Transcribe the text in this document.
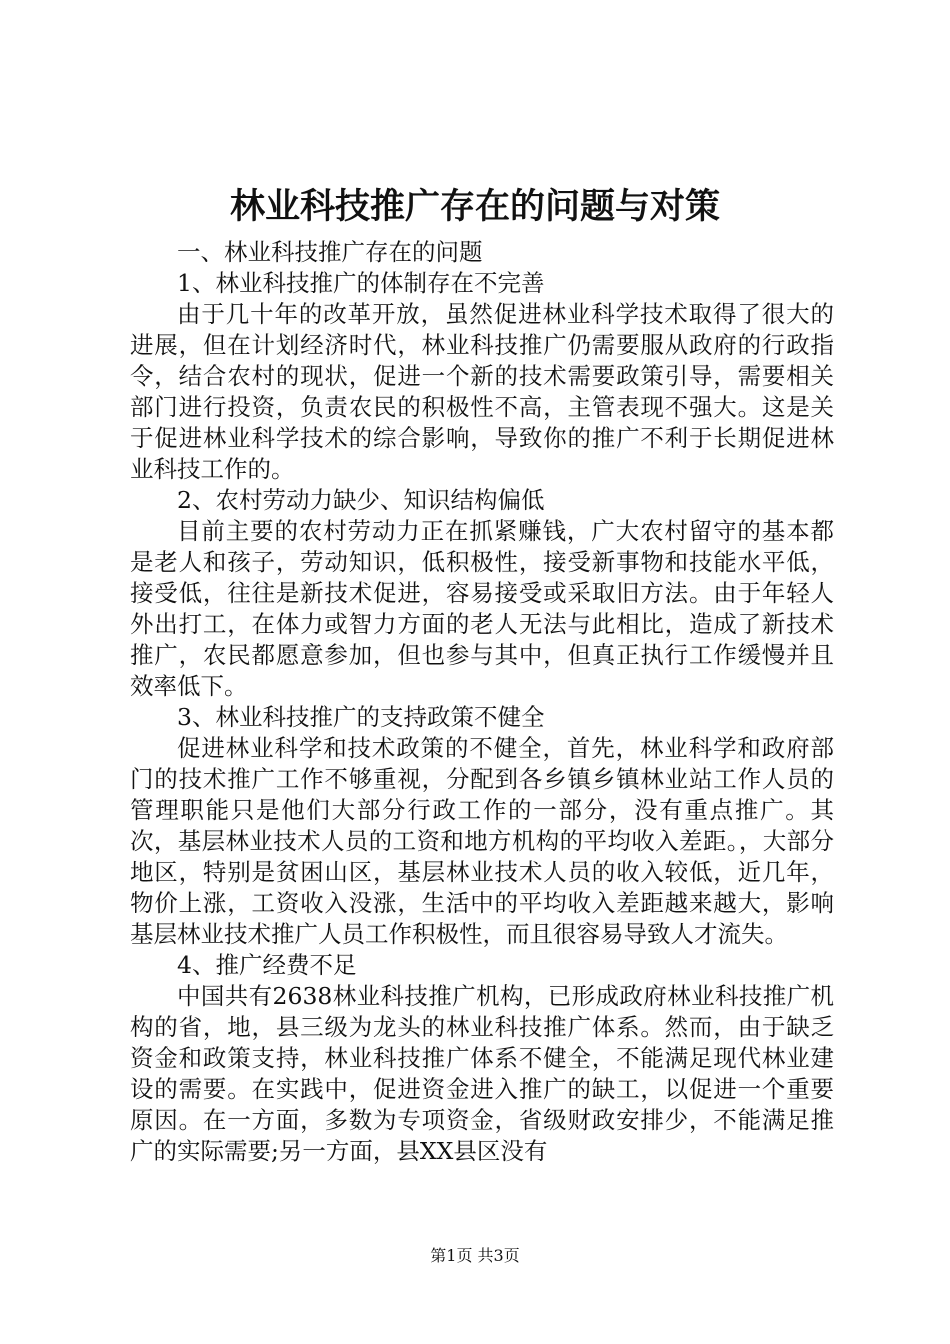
林业科技推广存在的问题与对策

一、林业科技推广存在的问题

1、林业科技推广的体制存在不完善

由于几十年的改革开放，虽然促进林业科学技术取得了很大的进展，但在计划经济时代，林业科技推广仍需要服从政府的行政指令，结合农村的现状，促进一个新的技术需要政策引导，需要相关部门进行投资，负责农民的积极性不高，主管表现不强大。这是关于促进林业科学技术的综合影响，导致你的推广不利于长期促进林业科技工作的。

2、农村劳动力缺少、知识结构偏低

目前主要的农村劳动力正在抓紧赚钱，广大农村留守的基本都是老人和孩子，劳动知识，低积极性，接受新事物和技能水平低，接受低，往往是新技术促进，容易接受或采取旧方法。由于年轻人外出打工，在体力或智力方面的老人无法与此相比，造成了新技术推广，农民都愿意参加，但也参与其中，但真正执行工作缓慢并且效率低下。

3、林业科技推广的支持政策不健全

促进林业科学和技术政策的不健全，首先，林业科学和政府部门的技术推广工作不够重视，分配到各乡镇乡镇林业站工作人员的管理职能只是他们大部分行政工作的一部分，没有重点推广。其次，基层林业技术人员的工资和地方机构的平均收入差距。，大部分地区，特别是贫困山区，基层林业技术人员的收入较低，近几年，物价上涨，工资收入没涨，生活中的平均收入差距越来越大，影响基层林业技术推广人员工作积极性，而且很容易导致人才流失。

4、推广经费不足

中国共有2638林业科技推广机构，已形成政府林业科技推广机构的省，地，县三级为龙头的林业科技推广体系。然而，由于缺乏资金和政策支持，林业科技推广体系不健全，不能满足现代林业建设的需要。在实践中，促进资金进入推广的缺工，以促进一个重要原因。在一方面，多数为专项资金，省级财政安排少，不能满足推广的实际需要;另一方面，县XX县区没有

第1页 共3页
